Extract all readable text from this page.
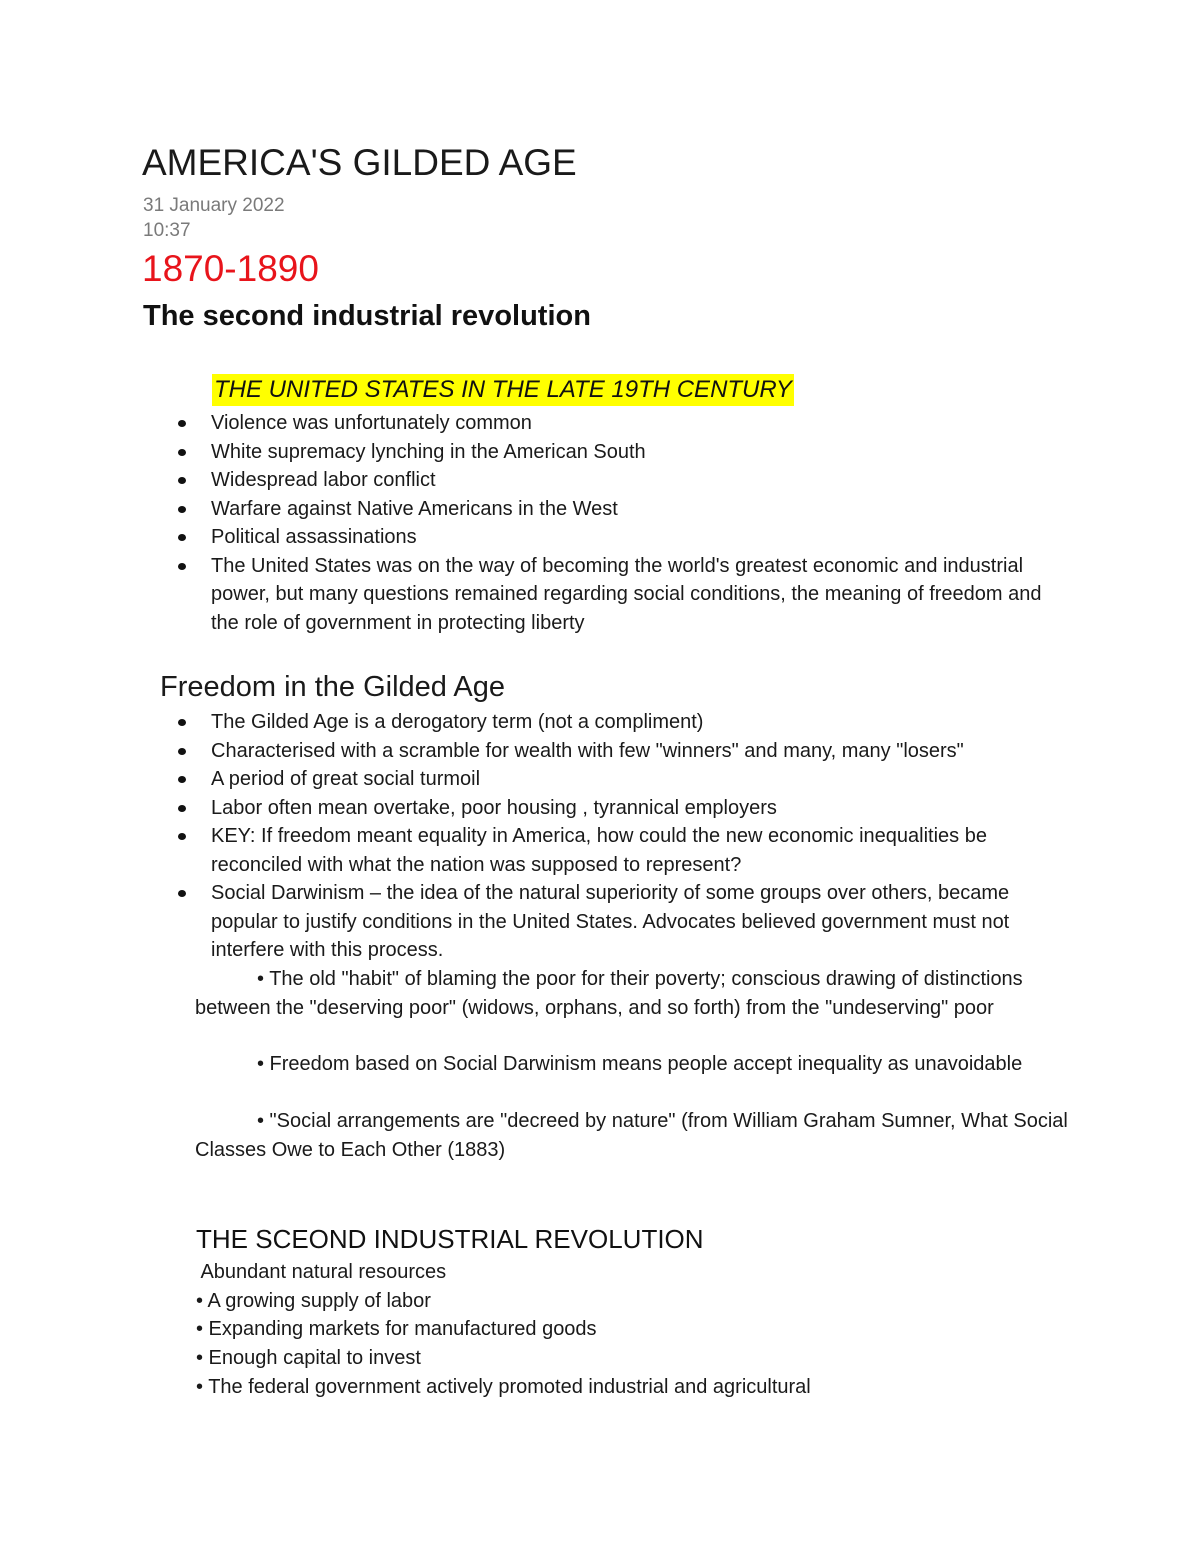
AMERICA'S GILDED AGE
31 January 2022
10:37
1870-1890
The second industrial revolution
THE UNITED STATES IN THE LATE 19TH CENTURY
Violence was unfortunately common
White supremacy lynching in the American South
Widespread labor conflict
Warfare against Native Americans in the West
Political assassinations
The United States was on the way of becoming the world's greatest economic and industrial power, but many questions remained regarding social conditions, the meaning of freedom and the role of government in protecting liberty
Freedom in the Gilded Age
The Gilded Age is a derogatory term (not a compliment)
Characterised with a scramble for wealth with few "winners" and many, many "losers"
A period of great social turmoil
Labor often mean overtake, poor housing , tyrannical employers
KEY: If freedom meant equality in America, how could the new economic inequalities be reconciled with what the nation was supposed to represent?
Social Darwinism – the idea of the natural superiority of some groups over others, became popular to justify conditions in the United States. Advocates believed government must not interfere with this process.
• The old "habit" of blaming the poor for their poverty; conscious drawing of distinctions between the "deserving poor" (widows, orphans, and so forth) from the "undeserving" poor
• Freedom based on Social Darwinism means people accept inequality as unavoidable
• "Social arrangements are "decreed by nature" (from William Graham Sumner, What Social Classes Owe to Each Other (1883)
THE SCEOND INDUSTRIAL REVOLUTION
Abundant natural resources
• A growing supply of labor
• Expanding markets for manufactured goods
• Enough capital to invest
• The federal government actively promoted industrial and agricultural
